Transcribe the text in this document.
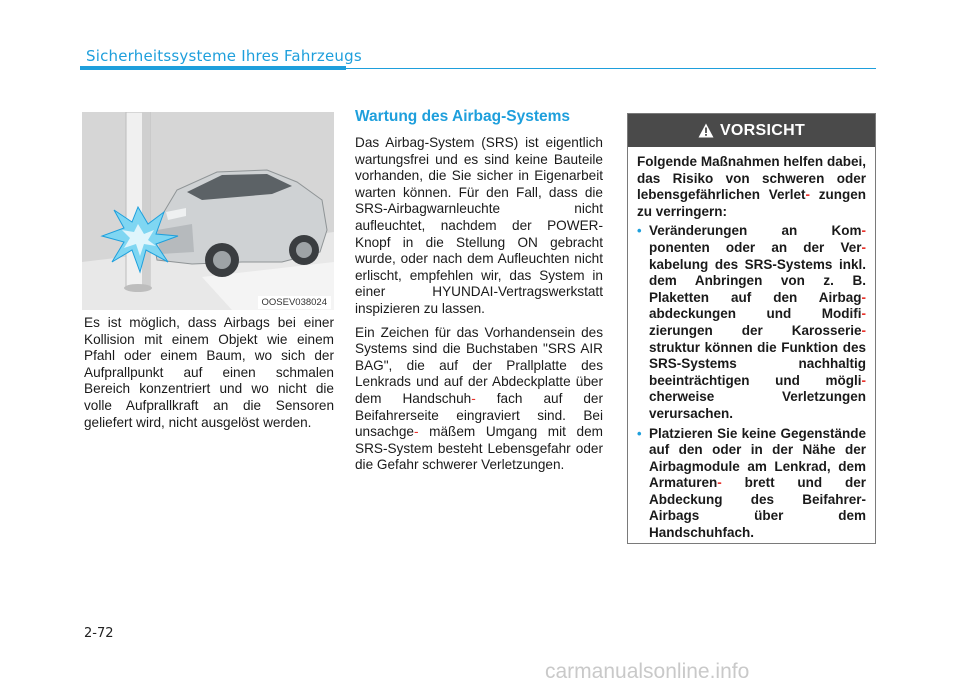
Sicherheitssysteme Ihres Fahrzeugs
OOSEV038024

Es ist möglich, dass Airbags bei einer Kollision mit einem Objekt wie einem Pfahl oder einem Baum, wo sich der Aufprallpunkt auf einen schmalen Bereich konzentriert und wo nicht die volle Aufprallkraft an die Sensoren geliefert wird, nicht ausgelöst werden.

Wartung des Airbag-Systems

Das Airbag-System (SRS) ist eigentlich wartungsfrei und es sind keine Bauteile vorhanden, die Sie sicher in Eigenarbeit warten können. Für den Fall, dass die SRS-Airbagwarnleuchte nicht aufleuchtet, nachdem der POWER-Knopf in die Stellung ON gebracht wurde, oder nach dem Aufleuchten nicht erlischt, empfehlen wir, das System in einer HYUNDAI-Vertragswerkstatt inspizieren zu lassen.

Ein Zeichen für das Vorhandensein des Systems sind die Buchstaben "SRS AIR BAG", die auf der Prallplatte des Lenkrads und auf der Abdeckplatte über dem Handschuh- fach auf der Beifahrerseite eingraviert sind. Bei unsachge- mäßem Umgang mit dem SRS-System besteht Lebensgefahr oder die Gefahr schwerer Verletzungen.

VORSICHT

Folgende Maßnahmen helfen dabei, das Risiko von schweren oder lebensgefährlichen Verlet- zungen zu verringern:

• Veränderungen an Kom- ponenten oder an der Ver- kabelung des SRS-Systems inkl. dem Anbringen von z. B. Plaketten auf den Airbag- abdeckungen und Modifi- zierungen der Karosserie- struktur können die Funktion des SRS-Systems nachhaltig beeinträchtigen und mögli- cherweise Verletzungen verursachen.

• Platzieren Sie keine Gegenstände auf den oder in der Nähe der Airbagmodule am Lenkrad, dem Armaturen- brett und der Abdeckung des Beifahrer-Airbags über dem Handschuhfach.

2-72
carmanualsonline.info
